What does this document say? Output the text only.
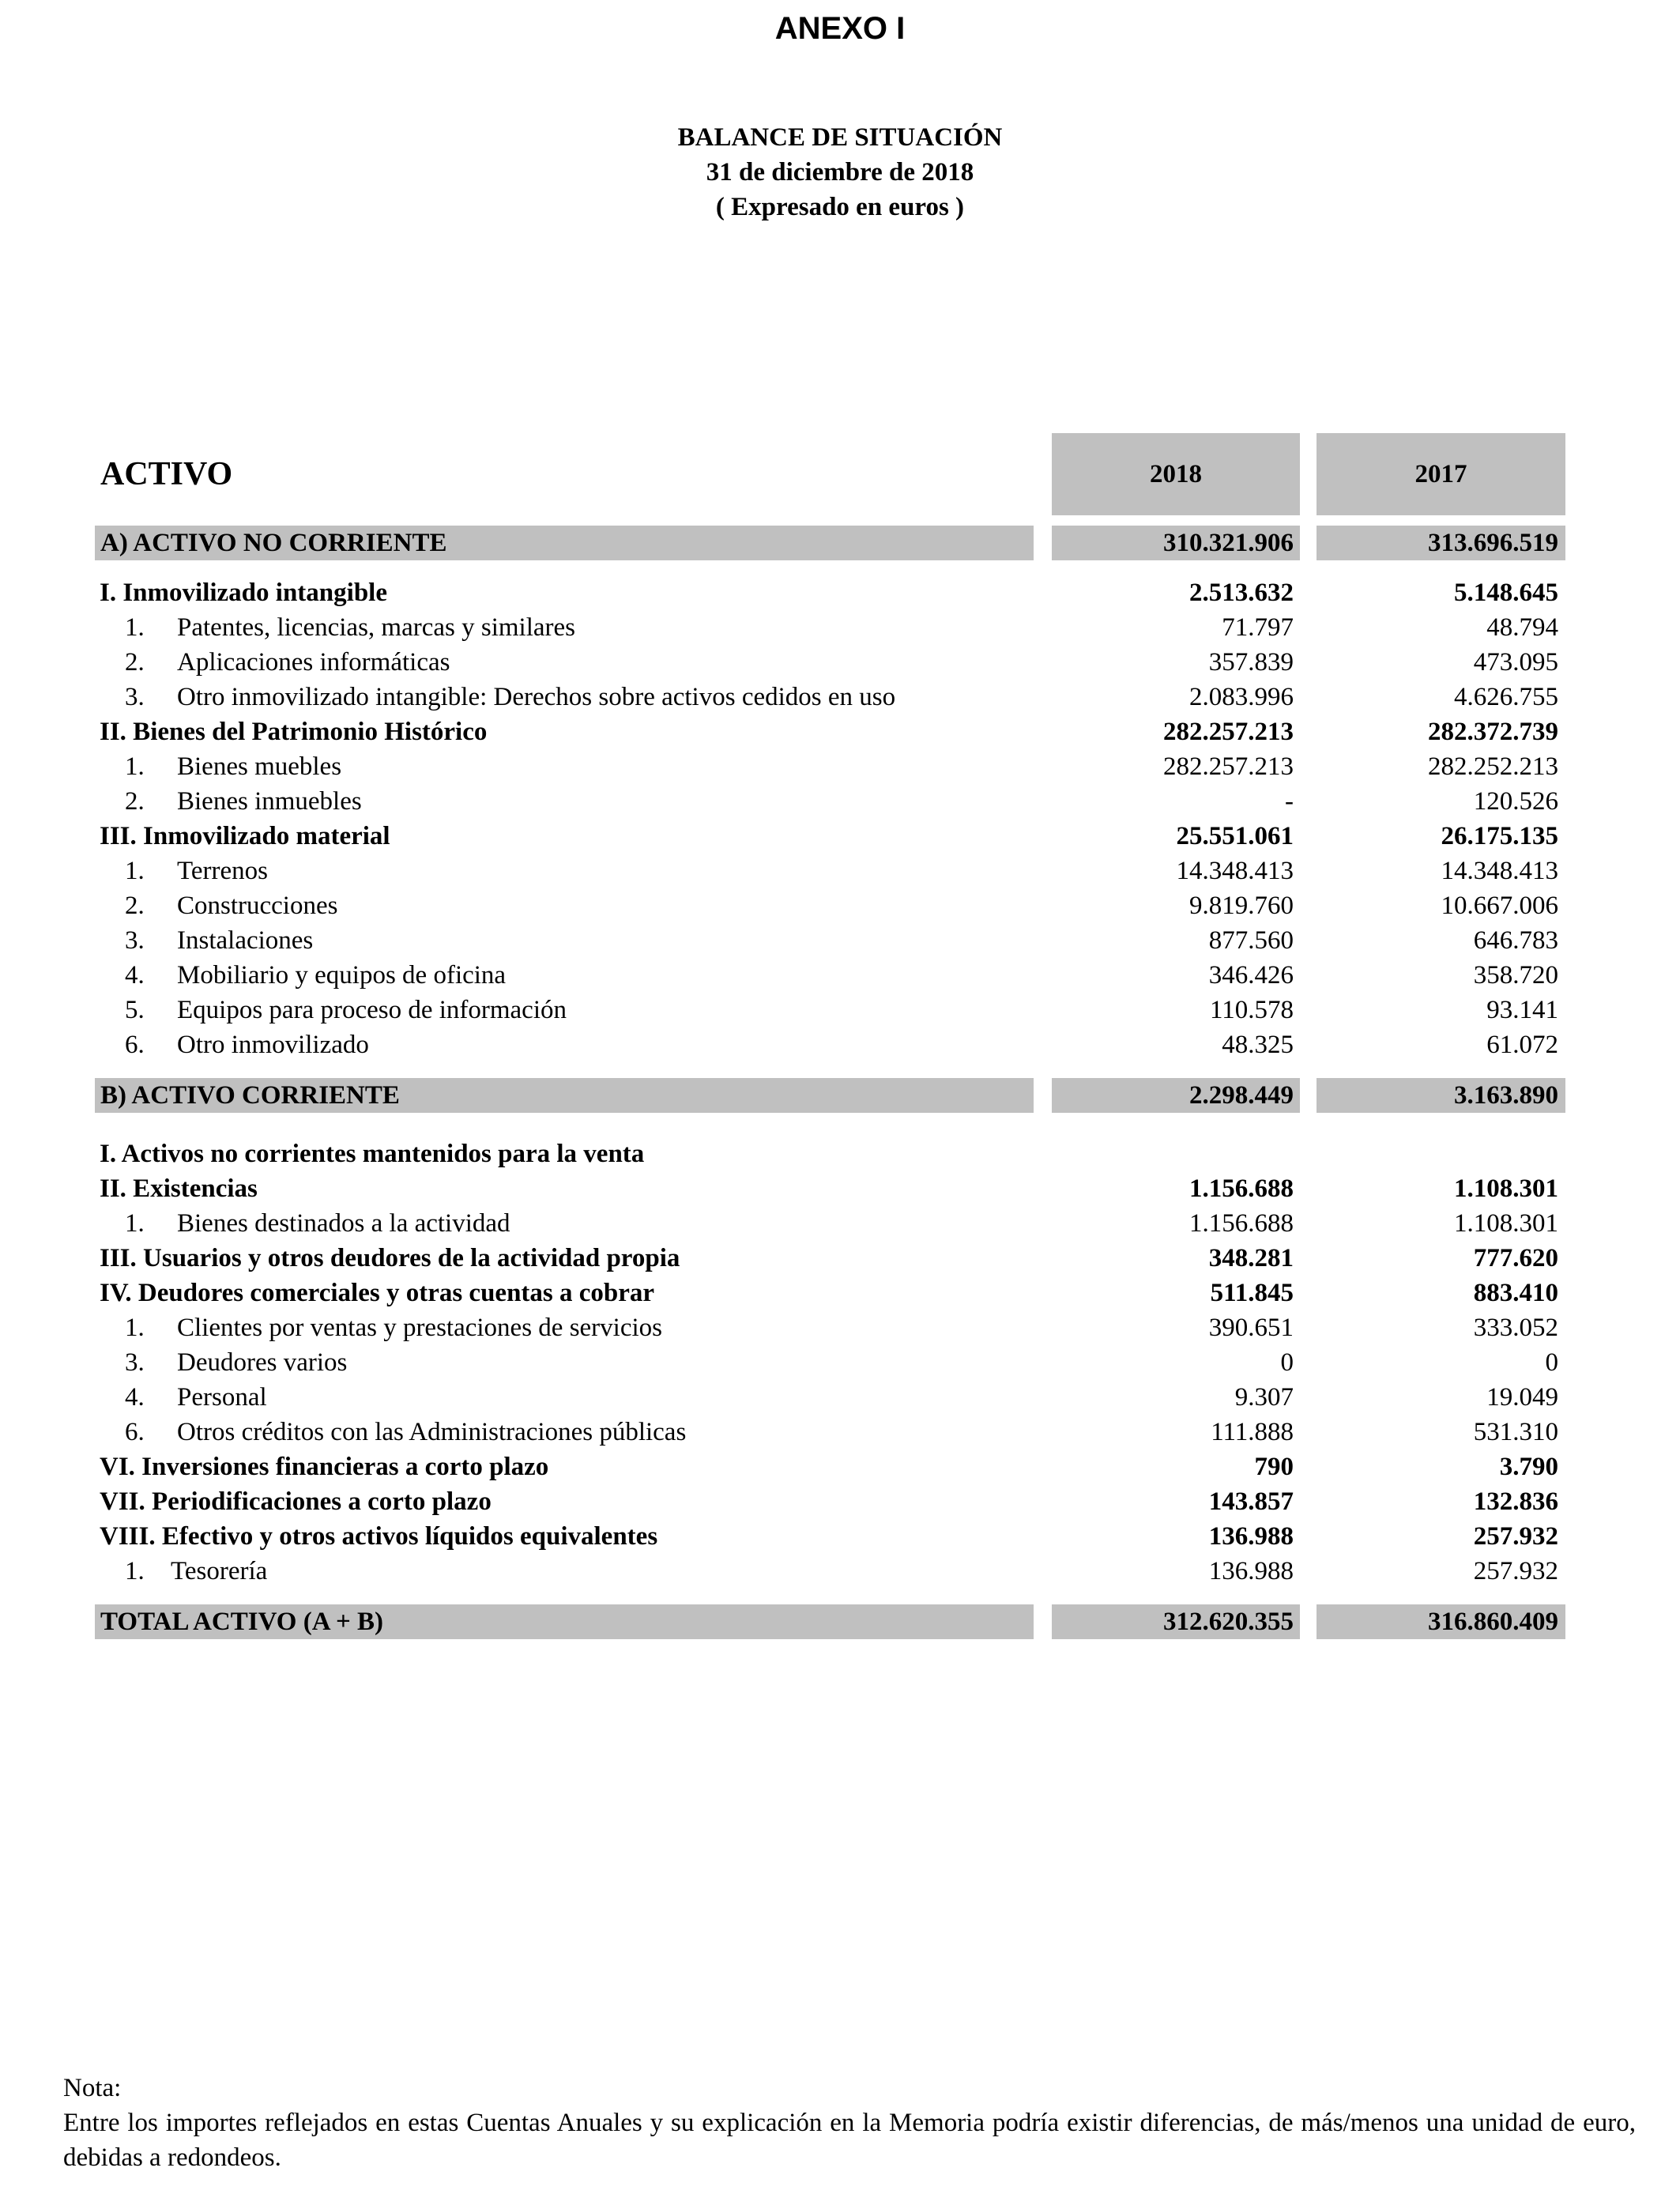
ANEXO I
BALANCE DE SITUACIÓN
31 de diciembre de 2018
( Expresado en euros )
ACTIVO	2018	2017
A) ACTIVO NO CORRIENTE	310.321.906	313.696.519
I. Inmovilizado intangible	2.513.632	5.148.645
1. Patentes, licencias, marcas y similares	71.797	48.794
2. Aplicaciones informáticas	357.839	473.095
3. Otro inmovilizado intangible: Derechos sobre activos cedidos en uso	2.083.996	4.626.755
II. Bienes del Patrimonio Histórico	282.257.213	282.372.739
1. Bienes muebles	282.257.213	282.252.213
2. Bienes inmuebles	-	120.526
III. Inmovilizado material	25.551.061	26.175.135
1. Terrenos	14.348.413	14.348.413
2. Construcciones	9.819.760	10.667.006
3. Instalaciones	877.560	646.783
4. Mobiliario y equipos de oficina	346.426	358.720
5. Equipos para proceso de información	110.578	93.141
6. Otro inmovilizado	48.325	61.072
B) ACTIVO CORRIENTE	2.298.449	3.163.890
I. Activos no corrientes mantenidos para la venta
II. Existencias	1.156.688	1.108.301
1. Bienes destinados a la actividad	1.156.688	1.108.301
III. Usuarios y otros deudores de la actividad propia	348.281	777.620
IV. Deudores comerciales y otras cuentas a cobrar	511.845	883.410
1. Clientes por ventas y prestaciones de servicios	390.651	333.052
3. Deudores varios	0	0
4. Personal	9.307	19.049
6. Otros créditos con las Administraciones públicas	111.888	531.310
VI. Inversiones financieras a corto plazo	790	3.790
VII. Periodificaciones a corto plazo	143.857	132.836
VIII. Efectivo y otros activos líquidos equivalentes	136.988	257.932
1. Tesorería	136.988	257.932
TOTAL ACTIVO (A + B)	312.620.355	316.860.409

Nota:

Entre los importes reflejados en estas Cuentas Anuales y su explicación en la Memoria podría existir diferencias, de más/menos una unidad de euro, debidas a redondeos.
